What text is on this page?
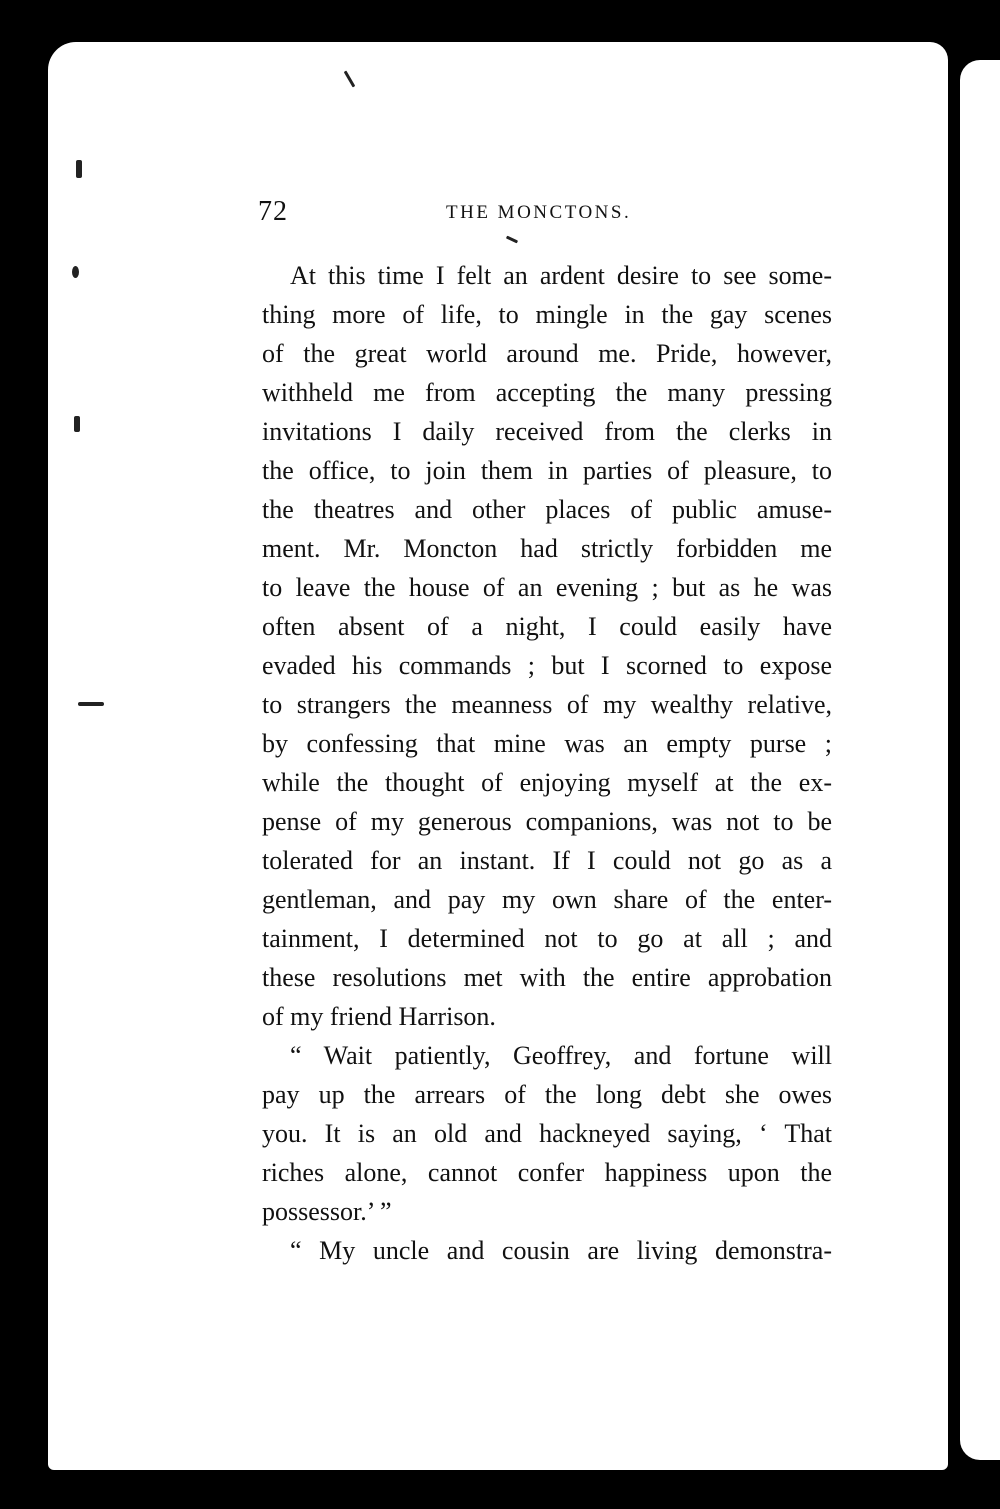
72	THE MONCTONS.
At this time I felt an ardent desire to see some-
thing more of life, to mingle in the gay scenes
of the great world around me. Pride, however,
withheld me from accepting the many pressing
invitations I daily received from the clerks in
the office, to join them in parties of pleasure, to
the theatres and other places of public amuse-
ment. Mr. Moncton had strictly forbidden me
to leave the house of an evening ; but as he was
often absent of a night, I could easily have
evaded his commands ; but I scorned to expose
to strangers the meanness of my wealthy relative,
by confessing that mine was an empty purse ;
while the thought of enjoying myself at the ex-
pense of my generous companions, was not to be
tolerated for an instant. If I could not go as a
gentleman, and pay my own share of the enter-
tainment, I determined not to go at all ; and
these resolutions met with the entire approbation
of my friend Harrison.
“ Wait patiently, Geoffrey, and fortune will
pay up the arrears of the long debt she owes
you. It is an old and hackneyed saying, ‘ That
riches alone, cannot confer happiness upon the
possessor.’ ”
“ My uncle and cousin are living demonstra-
